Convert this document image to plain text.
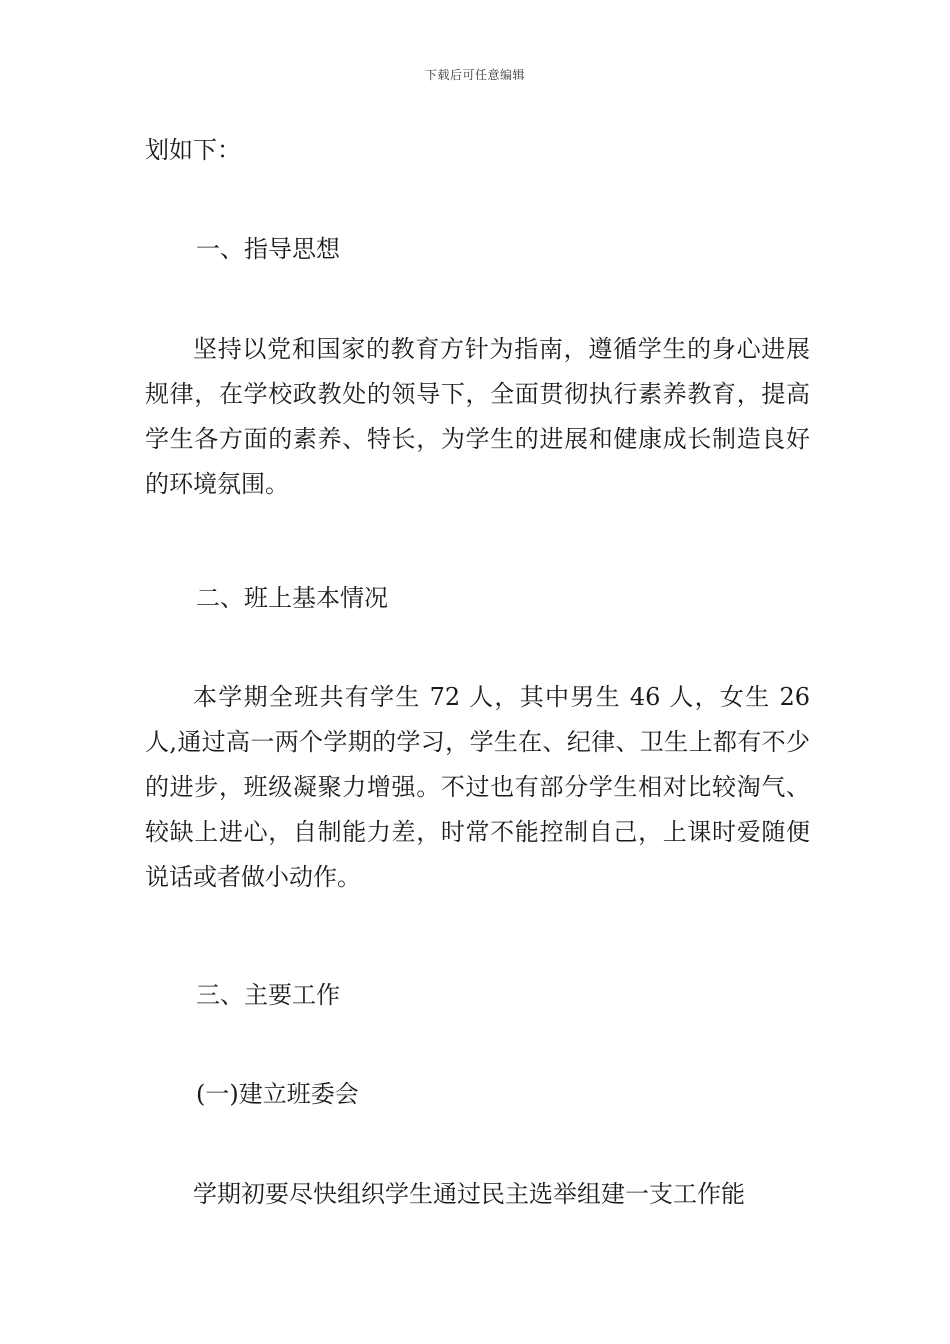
下载后可任意编辑
划如下：
一、指导思想
坚持以党和国家的教育方针为指南，遵循学生的身心进展规律，在学校政教处的领导下，全面贯彻执行素养教育，提高学生各方面的素养、特长，为学生的进展和健康成长制造良好的环境氛围。
二、班上基本情况
本学期全班共有学生 72 人，其中男生 46 人，女生 26 人,通过高一两个学期的学习，学生在、纪律、卫生上都有不少的进步，班级凝聚力增强。不过也有部分学生相对比较淘气、较缺上进心，自制能力差，时常不能控制自己，上课时爱随便说话或者做小动作。
三、主要工作
(一)建立班委会
学期初要尽快组织学生通过民主选举组建一支工作能
